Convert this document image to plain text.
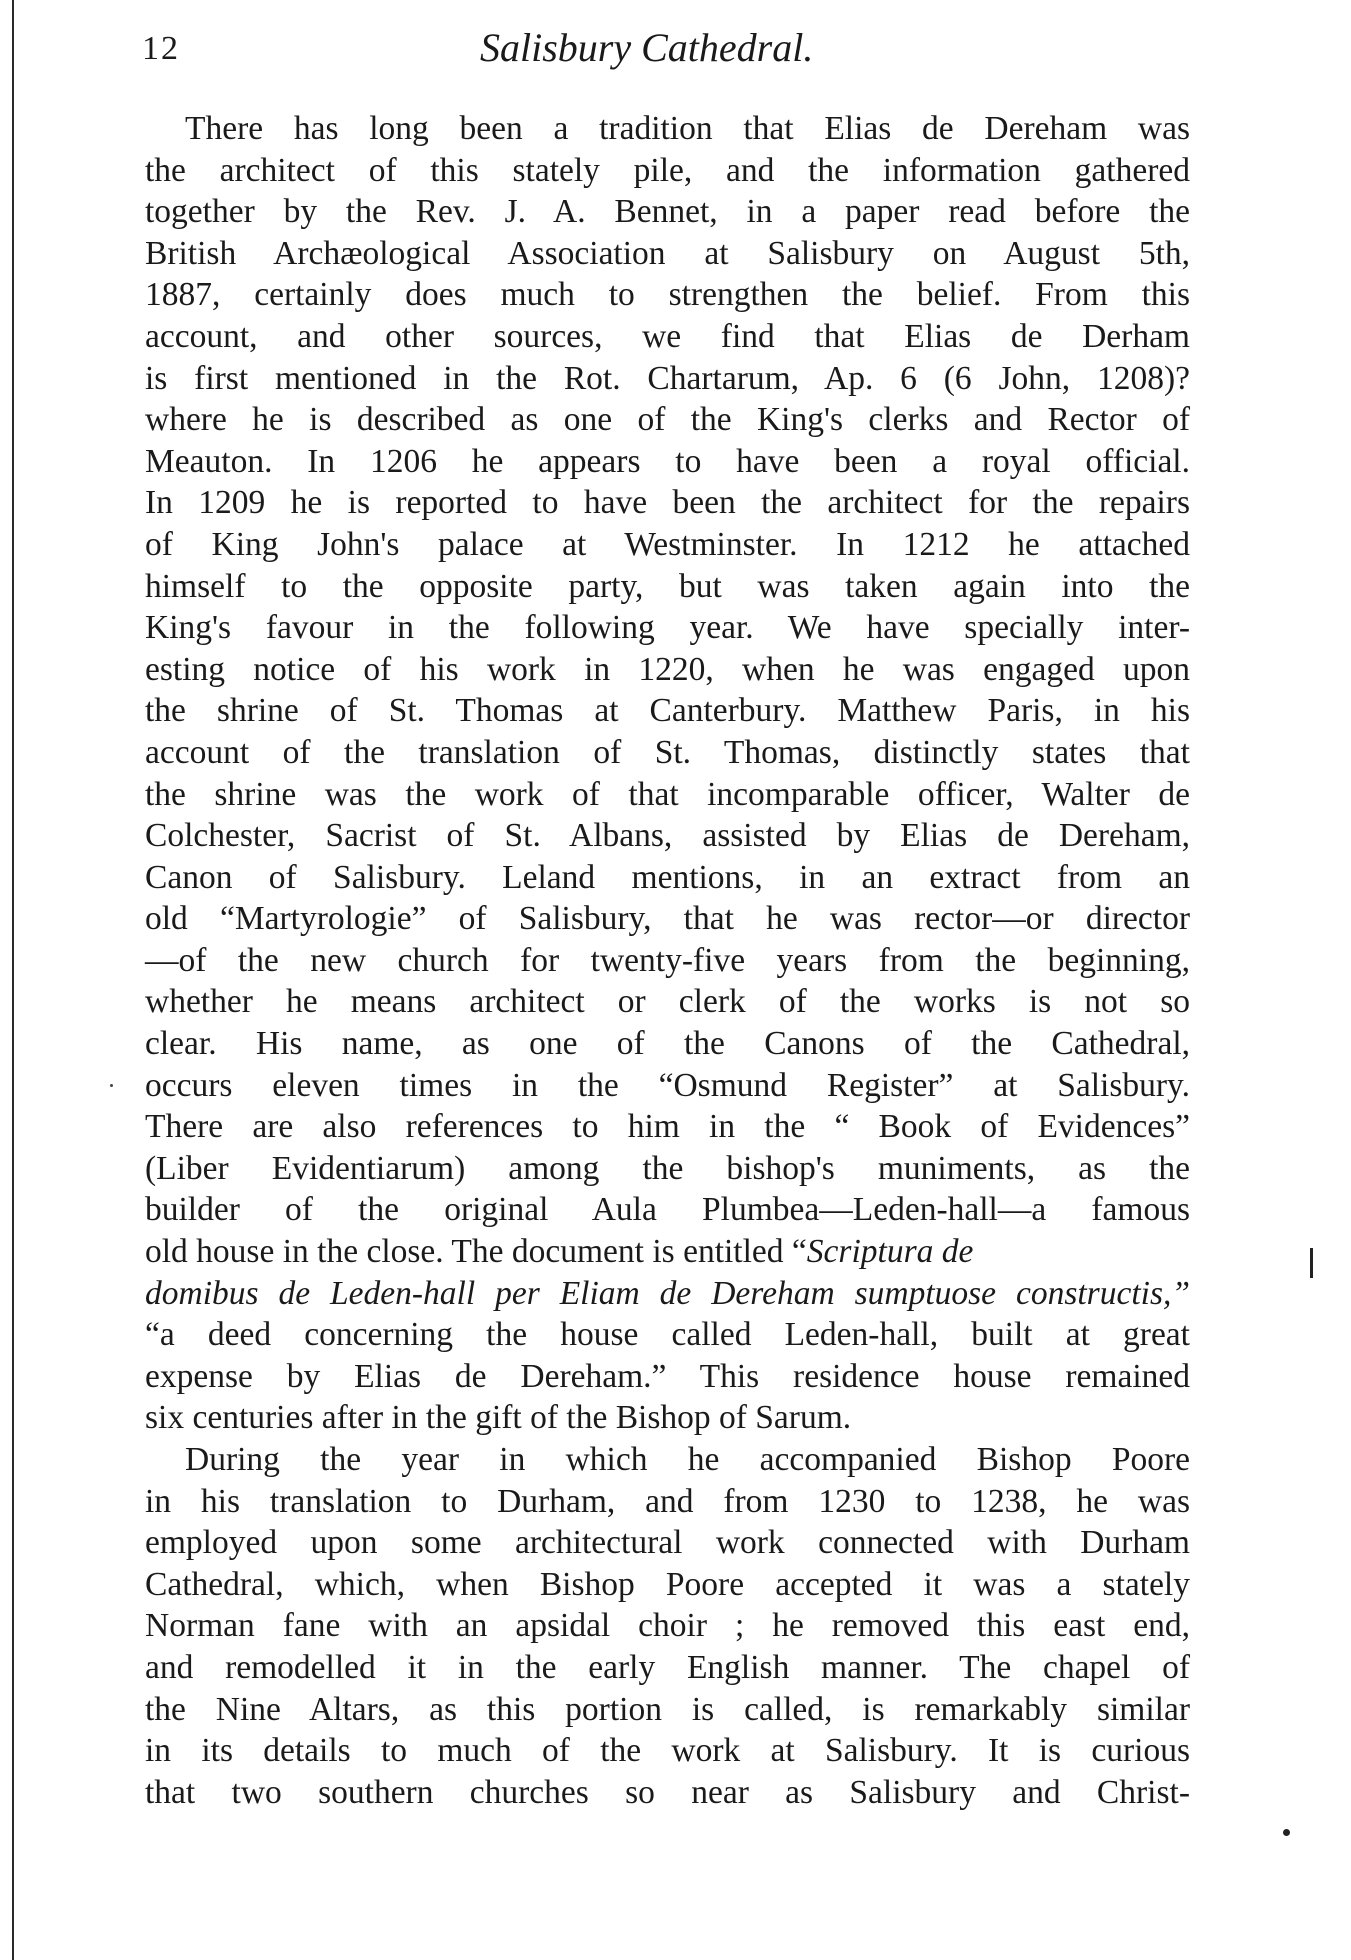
12	Salisbury Cathedral.
There has long been a tradition that Elias de Dereham was
the architect of this stately pile, and the information gathered
together by the Rev. J. A. Bennet, in a paper read before the
British Archæological Association at Salisbury on August 5th,
1887, certainly does much to strengthen the belief. From this
account, and other sources, we find that Elias de Derham
is first mentioned in the Rot. Chartarum, Ap. 6 (6 John, 1208)?
where he is described as one of the King's clerks and Rector of
Meauton. In 1206 he appears to have been a royal official.
In 1209 he is reported to have been the architect for the repairs
of King John's palace at Westminster. In 1212 he attached
himself to the opposite party, but was taken again into the
King's favour in the following year. We have specially inter-
esting notice of his work in 1220, when he was engaged upon
the shrine of St. Thomas at Canterbury. Matthew Paris, in his
account of the translation of St. Thomas, distinctly states that
the shrine was the work of that incomparable officer, Walter de
Colchester, Sacrist of St. Albans, assisted by Elias de Dereham,
Canon of Salisbury. Leland mentions, in an extract from an
old “Martyrologie” of Salisbury, that he was rector—or director
—of the new church for twenty-five years from the beginning,
whether he means architect or clerk of the works is not so
clear. His name, as one of the Canons of the Cathedral,
occurs eleven times in the “Osmund Register” at Salisbury.
There are also references to him in the “ Book of Evidences”
(Liber Evidentiarum) among the bishop's muniments, as the
builder of the original Aula Plumbea—Leden-hall—a famous
old house in the close. The document is entitled “Scriptura de
domibus de Leden-hall per Eliam de Dereham sumptuose constructis,”
“a deed concerning the house called Leden-hall, built at great
expense by Elias de Dereham.” This residence house remained
six centuries after in the gift of the Bishop of Sarum.
During the year in which he accompanied Bishop Poore
in his translation to Durham, and from 1230 to 1238, he was
employed upon some architectural work connected with Durham
Cathedral, which, when Bishop Poore accepted it was a stately
Norman fane with an apsidal choir ; he removed this east end,
and remodelled it in the early English manner. The chapel of
the Nine Altars, as this portion is called, is remarkably similar
in its details to much of the work at Salisbury. It is curious
that two southern churches so near as Salisbury and Christ-
